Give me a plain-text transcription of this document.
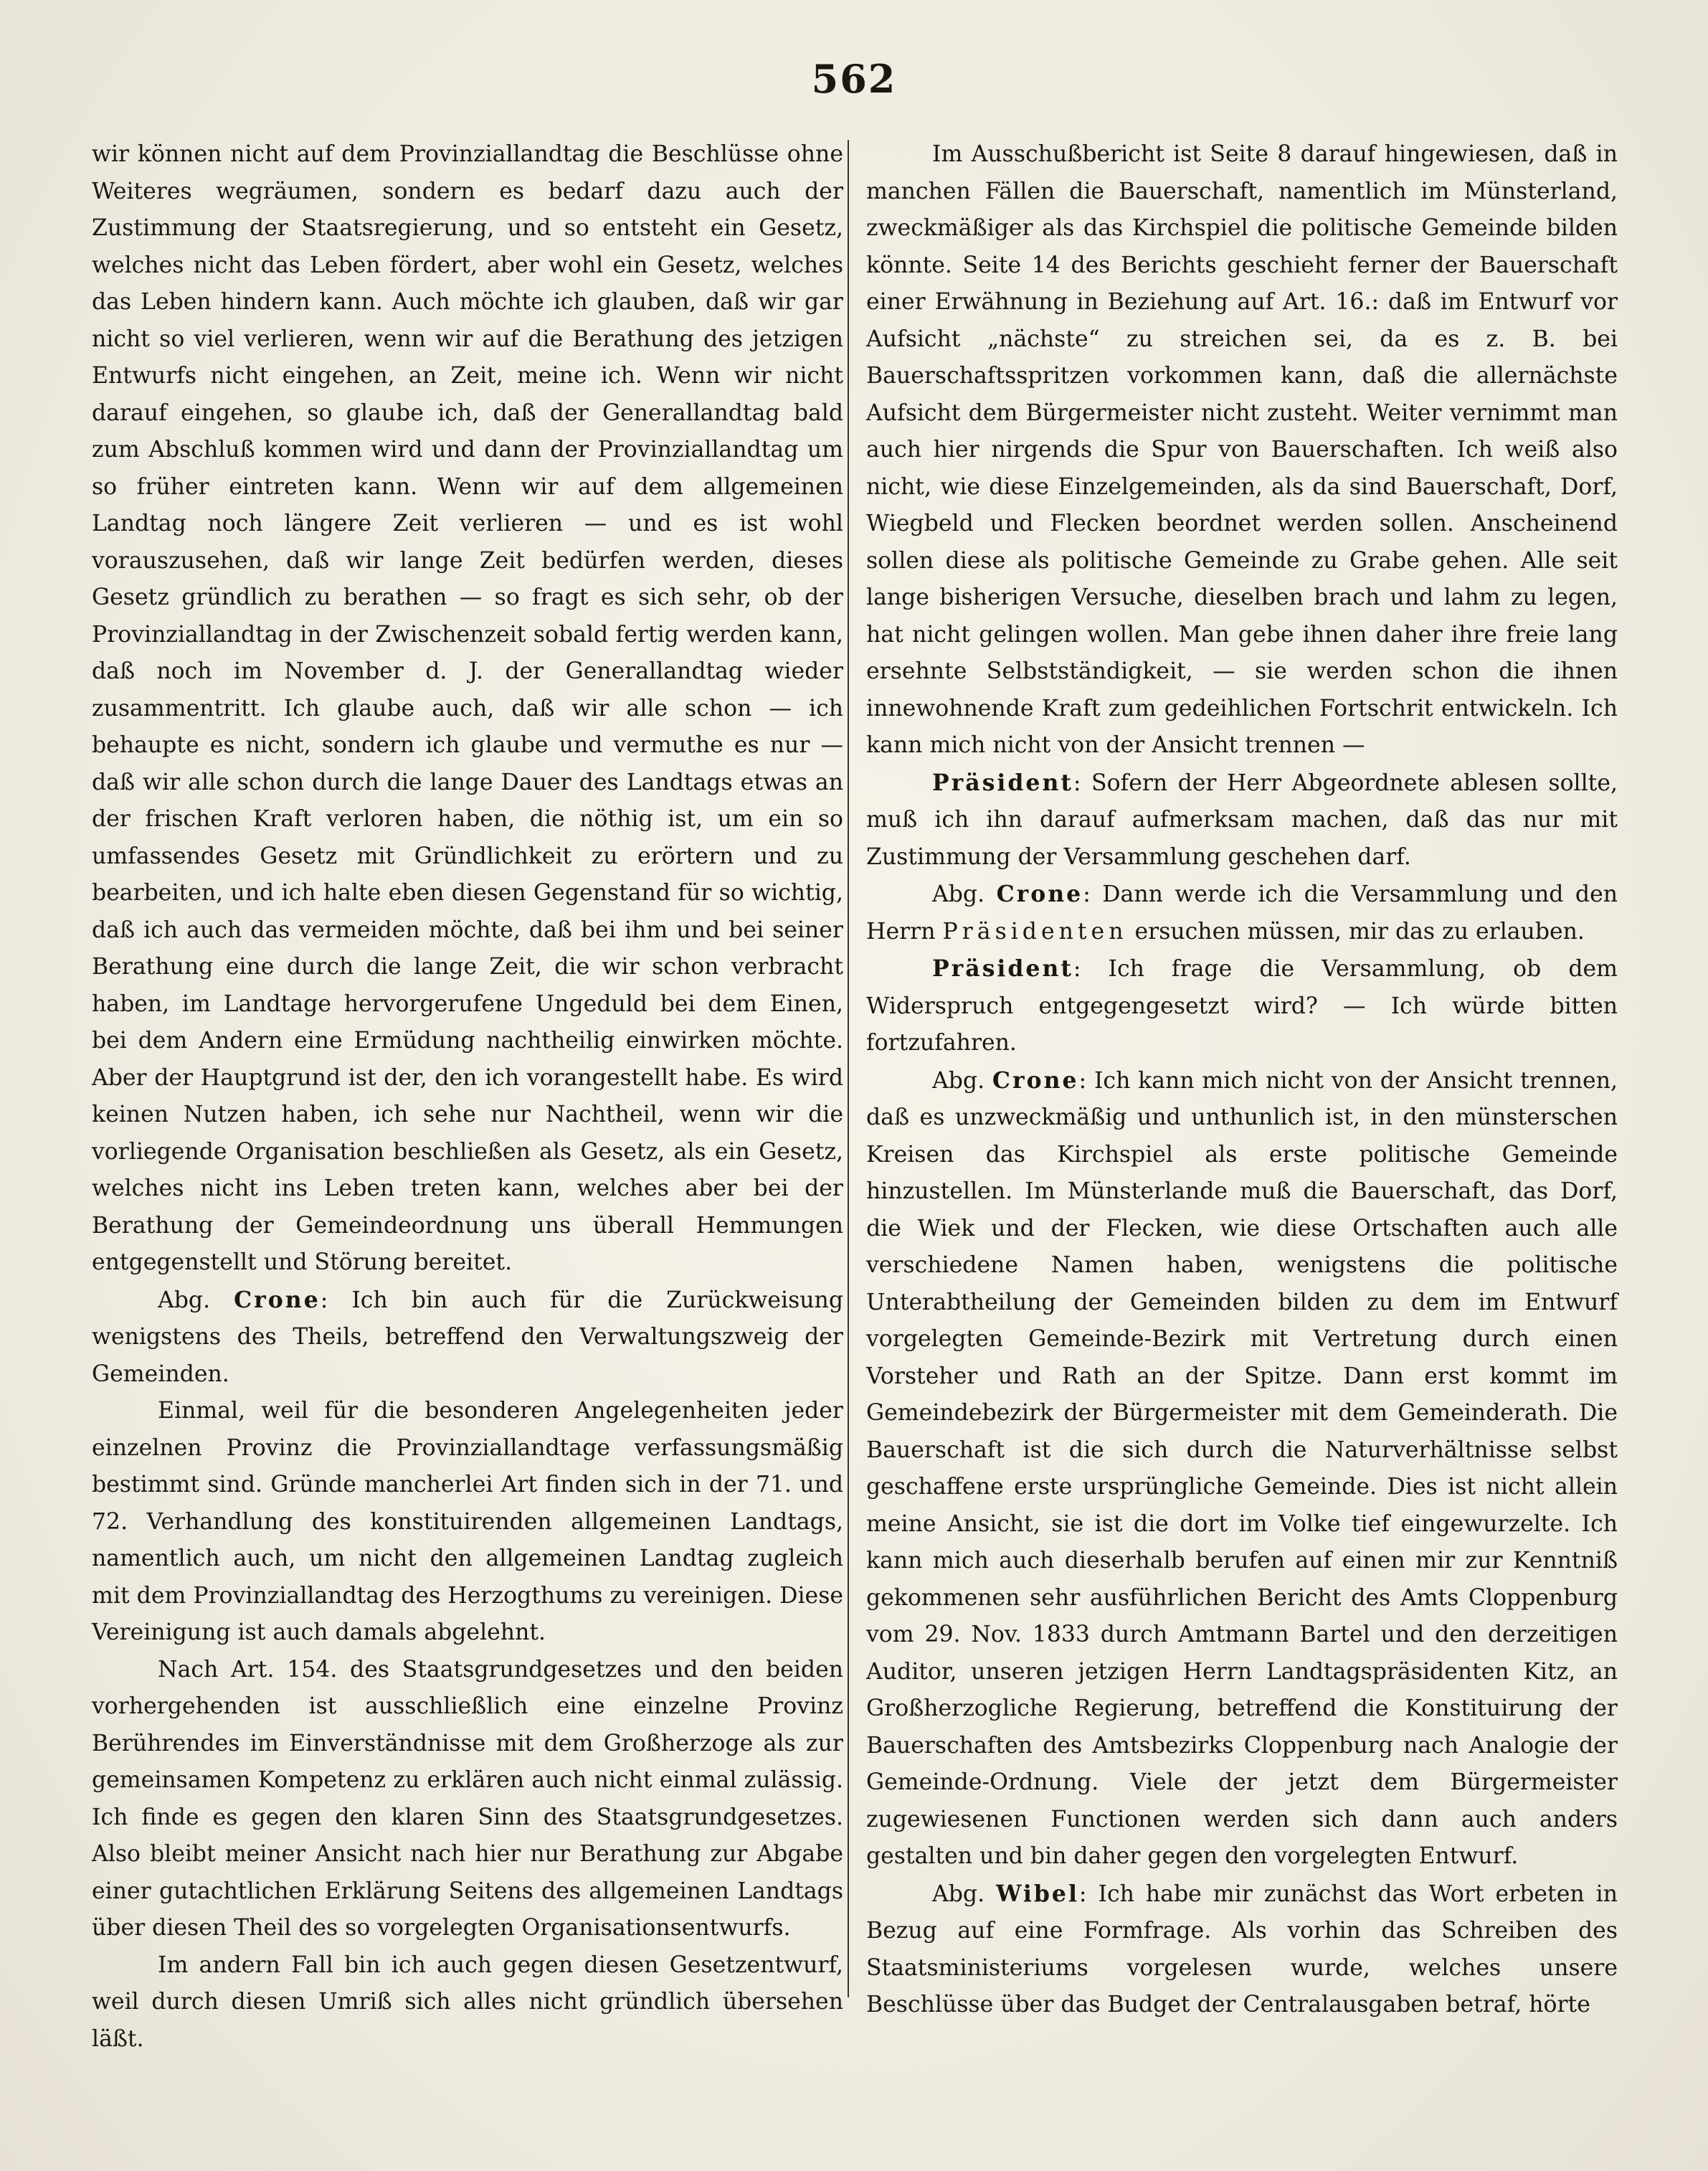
562

wir können nicht auf dem Provinziallandtag die Beschlüsse ohne Weiteres wegräumen, sondern es bedarf dazu auch der Zustimmung der Staatsregierung, und so entsteht ein Gesetz, welches nicht das Leben fördert, aber wohl ein Gesetz, welches das Leben hindern kann. Auch möchte ich glauben, daß wir gar nicht so viel verlieren, wenn wir auf die Berathung des jetzigen Entwurfs nicht eingehen, an Zeit, meine ich. Wenn wir nicht darauf eingehen, so glaube ich, daß der Generallandtag bald zum Abschluß kommen wird und dann der Provinziallandtag um so früher eintreten kann. Wenn wir auf dem allgemeinen Landtag noch längere Zeit verlieren — und es ist wohl vorauszusehen, daß wir lange Zeit bedürfen werden, dieses Gesetz gründlich zu berathen — so fragt es sich sehr, ob der Provinziallandtag in der Zwischenzeit sobald fertig werden kann, daß noch im November d. J. der Generallandtag wieder zusammentritt. Ich glaube auch, daß wir alle schon — ich behaupte es nicht, sondern ich glaube und vermuthe es nur — daß wir alle schon durch die lange Dauer des Landtags etwas an der frischen Kraft verloren haben, die nöthig ist, um ein so umfassendes Gesetz mit Gründlichkeit zu erörtern und zu bearbeiten, und ich halte eben diesen Gegenstand für so wichtig, daß ich auch das vermeiden möchte, daß bei ihm und bei seiner Berathung eine durch die lange Zeit, die wir schon verbracht haben, im Landtage hervorgerufene Ungeduld bei dem Einen, bei dem Andern eine Ermüdung nachtheilig einwirken möchte. Aber der Hauptgrund ist der, den ich vorangestellt habe. Es wird keinen Nutzen haben, ich sehe nur Nachtheil, wenn wir die vorliegende Organisation beschließen als Gesetz, als ein Gesetz, welches nicht ins Leben treten kann, welches aber bei der Berathung der Gemeindeordnung uns überall Hemmungen entgegenstellt und Störung bereitet.

Abg. Crone: Ich bin auch für die Zurückweisung wenigstens des Theils, betreffend den Verwaltungszweig der Gemeinden.

Einmal, weil für die besonderen Angelegenheiten jeder einzelnen Provinz die Provinziallandtage verfassungsmäßig bestimmt sind. Gründe mancherlei Art finden sich in der 71. und 72. Verhandlung des konstituirenden allgemeinen Landtags, namentlich auch, um nicht den allgemeinen Landtag zugleich mit dem Provinziallandtag des Herzogthums zu vereinigen. Diese Vereinigung ist auch damals abgelehnt.

Nach Art. 154. des Staatsgrundgesetzes und den beiden vorhergehenden ist ausschließlich eine einzelne Provinz Berührendes im Einverständnisse mit dem Großherzoge als zur gemeinsamen Kompetenz zu erklären auch nicht einmal zulässig. Ich finde es gegen den klaren Sinn des Staatsgrundgesetzes. Also bleibt meiner Ansicht nach hier nur Berathung zur Abgabe einer gutachtlichen Erklärung Seitens des allgemeinen Landtags über diesen Theil des so vorgelegten Organisationsentwurfs.

Im andern Fall bin ich auch gegen diesen Gesetzentwurf, weil durch diesen Umriß sich alles nicht gründlich übersehen läßt.

Im Ausschußbericht ist Seite 8 darauf hingewiesen, daß in manchen Fällen die Bauerschaft, namentlich im Münsterland, zweckmäßiger als das Kirchspiel die politische Gemeinde bilden könnte. Seite 14 des Berichts geschieht ferner der Bauerschaft einer Erwähnung in Beziehung auf Art. 16.: daß im Entwurf vor Aufsicht „nächste“ zu streichen sei, da es z. B. bei Bauerschaftsspritzen vorkommen kann, daß die allernächste Aufsicht dem Bürgermeister nicht zusteht. Weiter vernimmt man auch hier nirgends die Spur von Bauerschaften. Ich weiß also nicht, wie diese Einzelgemeinden, als da sind Bauerschaft, Dorf, Wiegbeld und Flecken beordnet werden sollen. Anscheinend sollen diese als politische Gemeinde zu Grabe gehen. Alle seit lange bisherigen Versuche, dieselben brach und lahm zu legen, hat nicht gelingen wollen. Man gebe ihnen daher ihre freie lang ersehnte Selbstständigkeit, — sie werden schon die ihnen innewohnende Kraft zum gedeihlichen Fortschrit entwickeln. Ich kann mich nicht von der Ansicht trennen —

Präsident: Sofern der Herr Abgeordnete ablesen sollte, muß ich ihn darauf aufmerksam machen, daß das nur mit Zustimmung der Versammlung geschehen darf.

Abg. Crone: Dann werde ich die Versammlung und den Herrn Präsidenten ersuchen müssen, mir das zu erlauben.

Präsident: Ich frage die Versammlung, ob dem Widerspruch entgegengesetzt wird? — Ich würde bitten fortzufahren.

Abg. Crone: Ich kann mich nicht von der Ansicht trennen, daß es unzweckmäßig und unthunlich ist, in den münsterschen Kreisen das Kirchspiel als erste politische Gemeinde hinzustellen. Im Münsterlande muß die Bauerschaft, das Dorf, die Wiek und der Flecken, wie diese Ortschaften auch alle verschiedene Namen haben, wenigstens die politische Unterabtheilung der Gemeinden bilden zu dem im Entwurf vorgelegten Gemeinde-Bezirk mit Vertretung durch einen Vorsteher und Rath an der Spitze. Dann erst kommt im Gemeindebezirk der Bürgermeister mit dem Gemeinderath. Die Bauerschaft ist die sich durch die Naturverhältnisse selbst geschaffene erste ursprüngliche Gemeinde. Dies ist nicht allein meine Ansicht, sie ist die dort im Volke tief eingewurzelte. Ich kann mich auch dieserhalb berufen auf einen mir zur Kenntniß gekommenen sehr ausführlichen Bericht des Amts Cloppenburg vom 29. Nov. 1833 durch Amtmann Bartel und den derzeitigen Auditor, unseren jetzigen Herrn Landtagspräsidenten Kitz, an Großherzogliche Regierung, betreffend die Konstituirung der Bauerschaften des Amtsbezirks Cloppenburg nach Analogie der Gemeinde-Ordnung. Viele der jetzt dem Bürgermeister zugewiesenen Functionen werden sich dann auch anders gestalten und bin daher gegen den vorgelegten Entwurf.

Abg. Wibel: Ich habe mir zunächst das Wort erbeten in Bezug auf eine Formfrage. Als vorhin das Schreiben des Staatsministeriums vorgelesen wurde, welches unsere Beschlüsse über das Budget der Centralausgaben betraf, hörte
